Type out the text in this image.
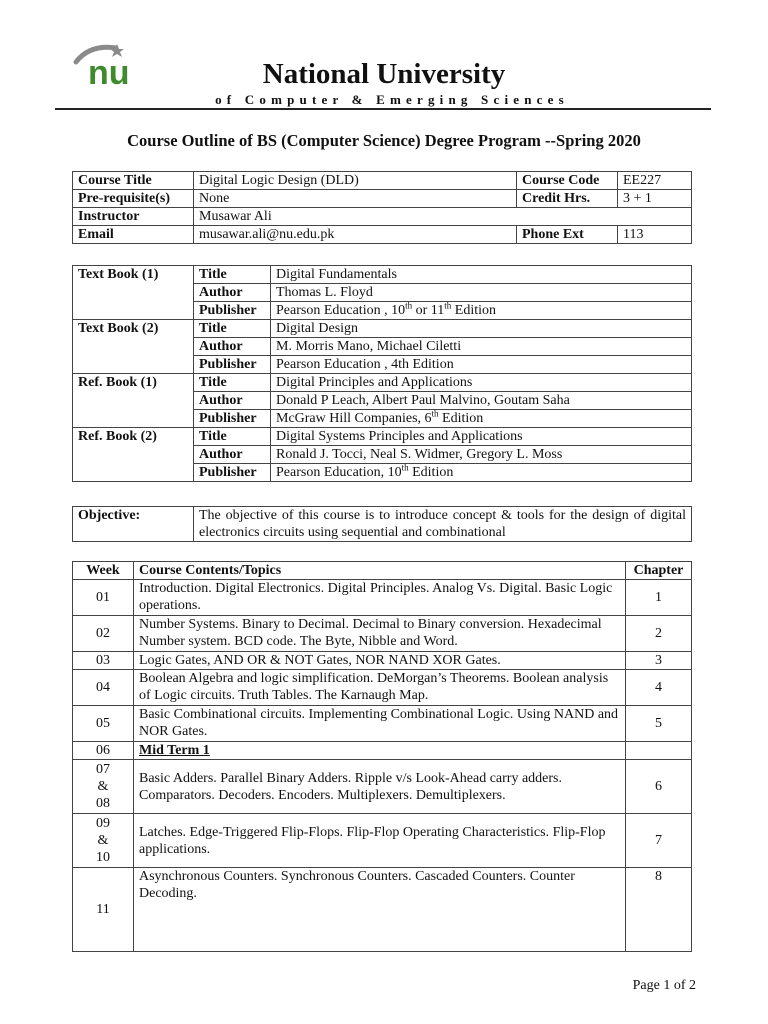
nu	National University
of Computer & Emerging Sciences
Course Outline of BS (Computer Science) Degree Program --Spring 2020
Course Title	Digital Logic Design (DLD)	Course Code	EE227
Pre-requisite(s)	None	Credit Hrs.	3 + 1
Instructor	Musawar Ali		
Email	musawar.ali@nu.edu.pk	Phone Ext	113
Text Book (1)	Title	Digital Fundamentals
	Author	Thomas L. Floyd
	Publisher	Pearson Education , 10th or 11th Edition
Text Book (2)	Title	Digital Design
	Author	M. Morris Mano, Michael Ciletti
	Publisher	Pearson Education , 4th Edition
Ref. Book (1)	Title	Digital Principles and Applications
	Author	Donald P Leach, Albert Paul Malvino, Goutam Saha
	Publisher	McGraw Hill Companies, 6th Edition
Ref. Book (2)	Title	Digital Systems Principles and Applications
	Author	Ronald J. Tocci, Neal S. Widmer, Gregory L. Moss
	Publisher	Pearson Education, 10th Edition
Objective:	The objective of this course is to introduce concept & tools for the design of digital electronics circuits using sequential and combinational
Week	Course Contents/Topics	Chapter
01	Introduction. Digital Electronics. Digital Principles. Analog Vs. Digital. Basic Logic operations.	1
02	Number Systems. Binary to Decimal. Decimal to Binary conversion. Hexadecimal Number system. BCD code. The Byte, Nibble and Word.	2
03	Logic Gates, AND OR & NOT Gates, NOR NAND XOR Gates.	3
04	Boolean Algebra and logic simplification. DeMorgan’s Theorems. Boolean analysis of Logic circuits. Truth Tables. The Karnaugh Map.	4
05	Basic Combinational circuits. Implementing Combinational Logic. Using NAND and NOR Gates.	5
06	Mid Term 1	

07
&
08	Basic Adders. Parallel Binary Adders. Ripple v/s Look-Ahead carry adders. Comparators. Decoders. Encoders. Multiplexers. Demultiplexers.	6

09
&
10	Latches. Edge-Triggered Flip-Flops. Flip-Flop Operating Characteristics. Flip-Flop applications.	7
11	Asynchronous Counters. Synchronous Counters. Cascaded Counters. Counter Decoding.	8
Page 1 of 2
